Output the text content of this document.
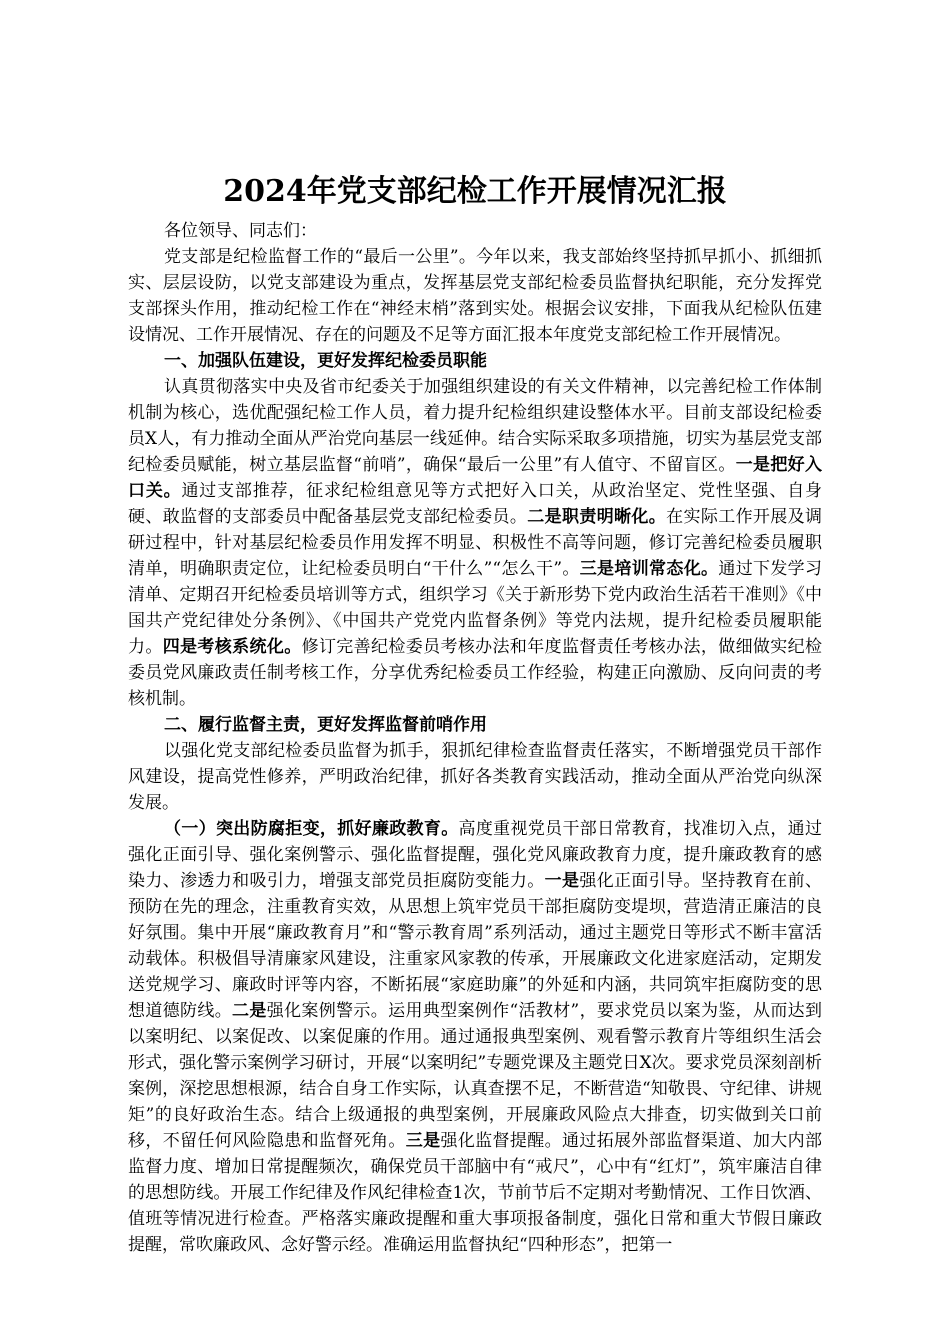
2024年党支部纪检工作开展情况汇报

各位领导、同志们：

党支部是纪检监督工作的“最后一公里”。今年以来，我支部始终坚持抓早抓小、抓细抓实、层层设防，以党支部建设为重点，发挥基层党支部纪检委员监督执纪职能，充分发挥党支部探头作用，推动纪检工作在“神经末梢”落到实处。根据会议安排，下面我从纪检队伍建设情况、工作开展情况、存在的问题及不足等方面汇报本年度党支部纪检工作开展情况。

一、加强队伍建设，更好发挥纪检委员职能

认真贯彻落实中央及省市纪委关于加强组织建设的有关文件精神，以完善纪检工作体制机制为核心，选优配强纪检工作人员，着力提升纪检组织建设整体水平。目前支部设纪检委员X人，有力推动全面从严治党向基层一线延伸。结合实际采取多项措施，切实为基层党支部纪检委员赋能，树立基层监督“前哨”，确保“最后一公里”有人值守、不留盲区。一是把好入口关。通过支部推荐，征求纪检组意见等方式把好入口关，从政治坚定、党性坚强、自身硬、敢监督的支部委员中配备基层党支部纪检委员。二是职责明晰化。在实际工作开展及调研过程中，针对基层纪检委员作用发挥不明显、积极性不高等问题，修订完善纪检委员履职清单，明确职责定位，让纪检委员明白“干什么”“怎么干”。三是培训常态化。通过下发学习清单、定期召开纪检委员培训等方式，组织学习《关于新形势下党内政治生活若干准则》《中国共产党纪律处分条例》、《中国共产党党内监督条例》等党内法规，提升纪检委员履职能力。四是考核系统化。修订完善纪检委员考核办法和年度监督责任考核办法，做细做实纪检委员党风廉政责任制考核工作，分享优秀纪检委员工作经验，构建正向激励、反向问责的考核机制。

二、履行监督主责，更好发挥监督前哨作用

以强化党支部纪检委员监督为抓手，狠抓纪律检查监督责任落实，不断增强党员干部作风建设，提高党性修养，严明政治纪律，抓好各类教育实践活动，推动全面从严治党向纵深发展。

（一）突出防腐拒变，抓好廉政教育。高度重视党员干部日常教育，找准切入点，通过强化正面引导、强化案例警示、强化监督提醒，强化党风廉政教育力度，提升廉政教育的感染力、渗透力和吸引力，增强支部党员拒腐防变能力。一是强化正面引导。坚持教育在前、预防在先的理念，注重教育实效，从思想上筑牢党员干部拒腐防变堤坝，营造清正廉洁的良好氛围。集中开展“廉政教育月”和“警示教育周”系列活动，通过主题党日等形式不断丰富活动载体。积极倡导清廉家风建设，注重家风家教的传承，开展廉政文化进家庭活动，定期发送党规学习、廉政时评等内容，不断拓展“家庭助廉”的外延和内涵，共同筑牢拒腐防变的思想道德防线。二是强化案例警示。运用典型案例作“活教材”，要求党员以案为鉴，从而达到以案明纪、以案促改、以案促廉的作用。通过通报典型案例、观看警示教育片等组织生活会形式，强化警示案例学习研讨，开展“以案明纪”专题党课及主题党日X次。要求党员深刻剖析案例，深挖思想根源，结合自身工作实际，认真查摆不足，不断营造“知敬畏、守纪律、讲规矩”的良好政治生态。结合上级通报的典型案例，开展廉政风险点大排查，切实做到关口前移，不留任何风险隐患和监督死角。三是强化监督提醒。通过拓展外部监督渠道、加大内部监督力度、增加日常提醒频次，确保党员干部脑中有“戒尺”，心中有“红灯”，筑牢廉洁自律的思想防线。开展工作纪律及作风纪律检查1次，节前节后不定期对考勤情况、工作日饮酒、值班等情况进行检查。严格落实廉政提醒和重大事项报备制度，强化日常和重大节假日廉政提醒，常吹廉政风、念好警示经。准确运用监督执纪“四种形态”，把第一
